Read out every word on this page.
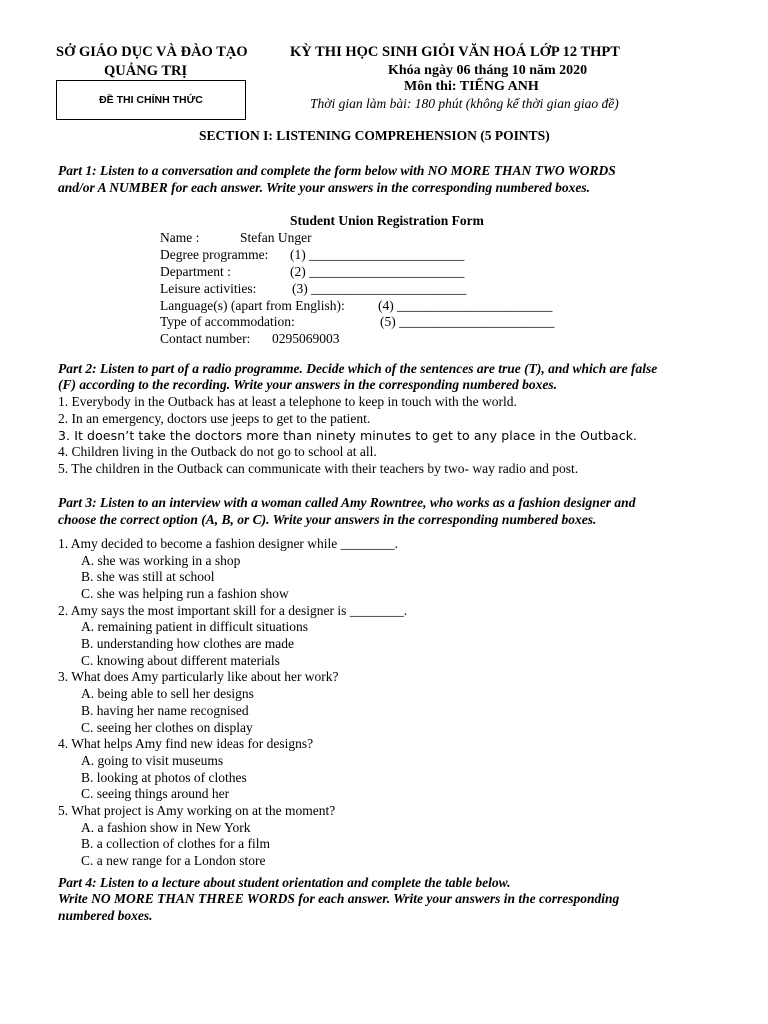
SỞ GIÁO DỤC VÀ ĐÀO TẠO
QUẢNG TRỊ
ĐỀ THI CHÍNH THỨC
KỲ THI HỌC SINH GIỎI VĂN HOÁ LỚP 12 THPT
Khóa ngày 06 tháng 10 năm 2020
Môn thi: TIẾNG ANH
Thời gian làm bài: 180 phút (không kể thời gian giao đề)
SECTION I: LISTENING COMPREHENSION (5 POINTS)
Part 1: Listen to a conversation and complete the form below with NO MORE THAN TWO WORDS
and/or A NUMBER for each answer. Write your answers in the corresponding numbered boxes.
Student Union Registration Form
Name :	Stefan Unger
Degree programme: (1) _______________________
Department :	(2) _______________________
Leisure activities:	(3) _______________________
Language(s) (apart from English): (4) _______________________
Type of accommodation:	(5) _______________________
Contact number: 0295069003
Part 2: Listen to part of a radio programme. Decide which of the sentences are true (T), and which are false
(F) according to the recording. Write your answers in the corresponding numbered boxes.
1. Everybody in the Outback has at least a telephone to keep in touch with the world.
2. In an emergency, doctors use jeeps to get to the patient.
3. It doesn’t take the doctors more than ninety minutes to get to any place in the Outback.
4. Children living in the Outback do not go to school at all.
5. The children in the Outback can communicate with their teachers by two- way radio and post.
Part 3: Listen to an interview with a woman called Amy Rowntree, who works as a fashion designer and
choose the correct option (A, B, or C). Write your answers in the corresponding numbered boxes.
1. Amy decided to become a fashion designer while ________.
A. she was working in a shop
B. she was still at school
C. she was helping run a fashion show
2. Amy says the most important skill for a designer is ________.
A. remaining patient in difficult situations
B. understanding how clothes are made
C. knowing about different materials
3. What does Amy particularly like about her work?
A. being able to sell her designs
B. having her name recognised
C. seeing her clothes on display
4. What helps Amy find new ideas for designs?
A. going to visit museums
B. looking at photos of clothes
C. seeing things around her
5. What project is Amy working on at the moment?
A. a fashion show in New York
B. a collection of clothes for a film
C. a new range for a London store
Part 4: Listen to a lecture about student orientation and complete the table below.
Write NO MORE THAN THREE WORDS for each answer. Write your answers in the corresponding
numbered boxes.
